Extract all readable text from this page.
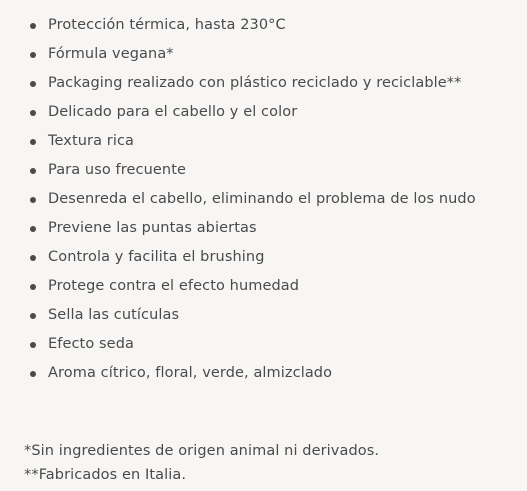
Protección térmica, hasta 230°C
Fórmula vegana*
Packaging realizado con plástico reciclado y reciclable**
Delicado para el cabello y el color
Textura rica
Para uso frecuente
Desenreda el cabello, eliminando el problema de los nudo
Previene las puntas abiertas
Controla y facilita el brushing
Protege contra el efecto humedad
Sella las cutículas
Efecto seda
Aroma cítrico, floral, verde, almizclado

*Sin ingredientes de origen animal ni derivados.

**Fabricados en Italia.
